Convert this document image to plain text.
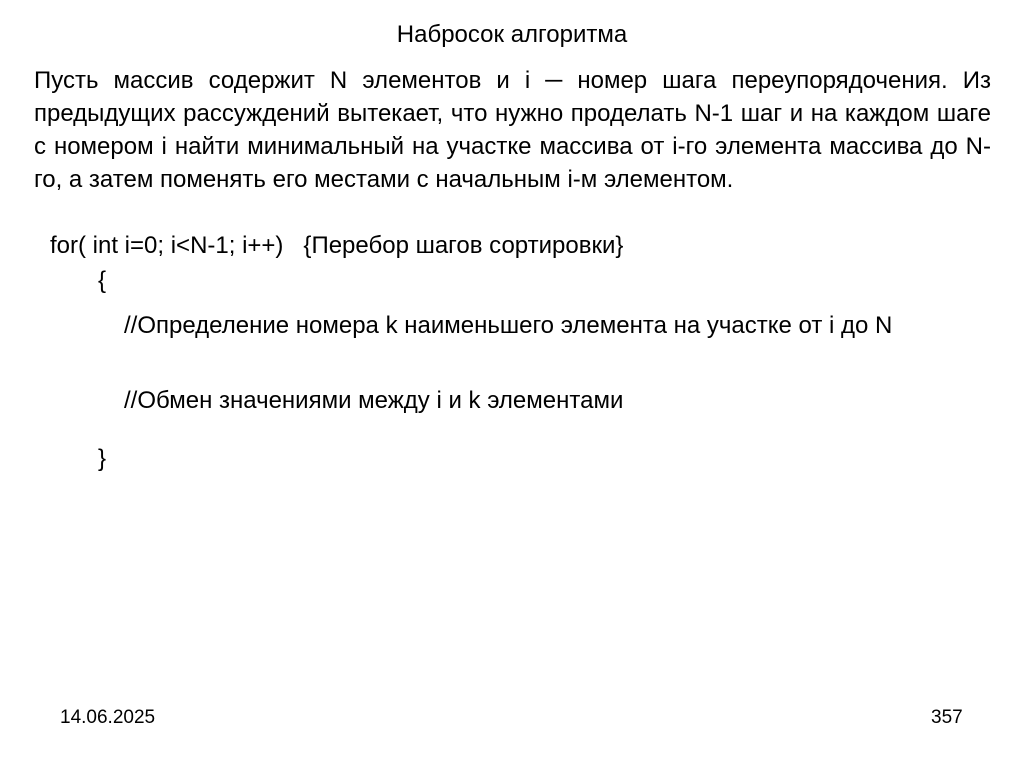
Набросок алгоритма
Пусть массив содержит N элементов и i ─ номер шага переупорядочения. Из предыдущих рассуждений вытекает, что нужно проделать N-1 шаг и на каждом шаге с номером i найти минимальный на участке массива от i-го элемента массива до N-го, а затем поменять его местами с начальным i-м элементом.
for( int i=0; i<N-1; i++)   {Перебор шагов сортировки}
{
//Определение номера k наименьшего элемента на участке от i до N
//Обмен значениями между i и k элементами
}
14.06.2025	357
